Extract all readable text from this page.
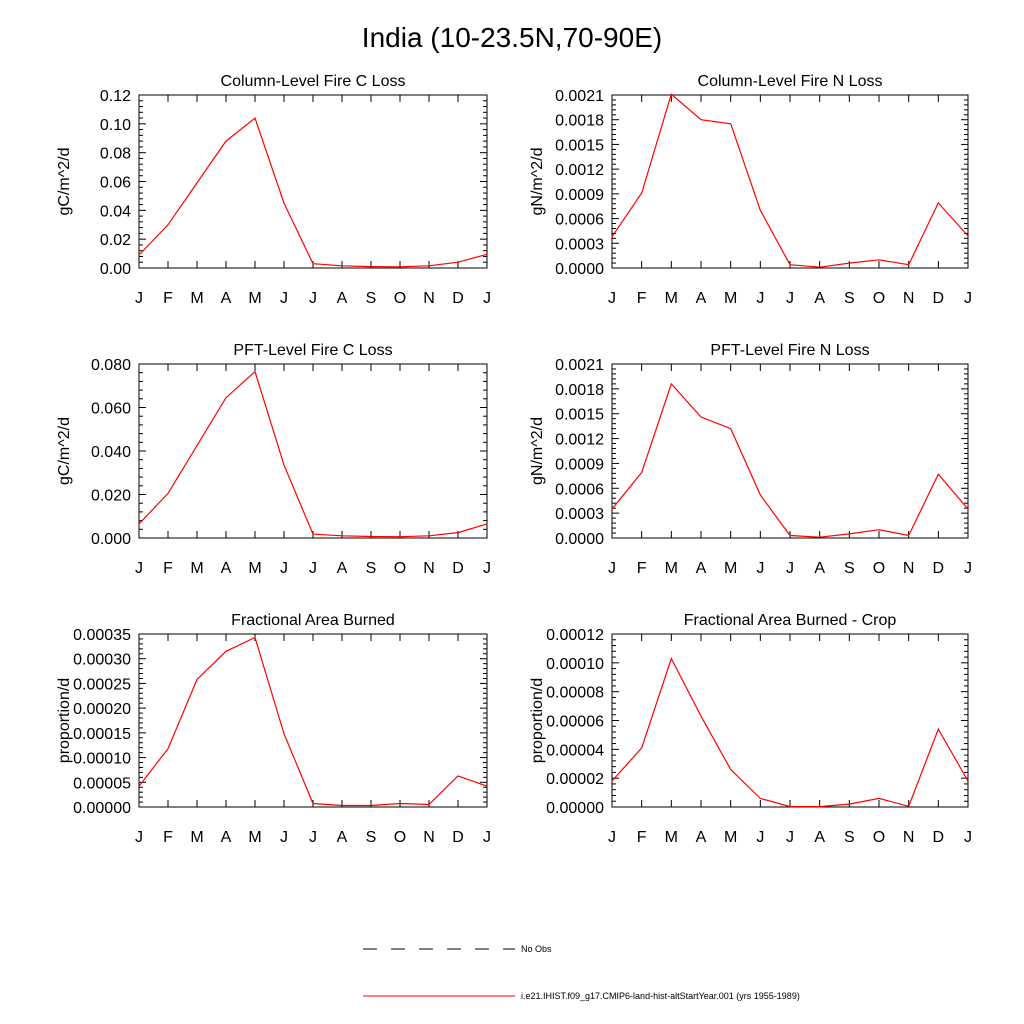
India (10-23.5N,70-90E)
Column-Level Fire C Loss
gC/m^2/d
J F M A M J J A S O N D J
0.00
0.02
0.04
0.06
0.08
0.10
0.12
Column-Level Fire N Loss
gN/m^2/d
J F M A M J J A S O N D J
0.0000
0.0003
0.0006
0.0009
0.0012
0.0015
0.0018
0.0021
PFT-Level Fire C Loss
gC/m^2/d
J F M A M J J A S O N D J
0.000
0.020
0.040
0.060
0.080
PFT-Level Fire N Loss
gN/m^2/d
J F M A M J J A S O N D J
0.0000
0.0003
0.0006
0.0009
0.0012
0.0015
0.0018
0.0021
Fractional Area Burned
proportion/d
J F M A M J J A S O N D J
0.00000
0.00005
0.00010
0.00015
0.00020
0.00025
0.00030
0.00035
Fractional Area Burned - Crop
proportion/d
J F M A M J J A S O N D J
0.00000
0.00002
0.00004
0.00006
0.00008
0.00010
0.00012
No Obs
i.e21.IHIST.f09_g17.CMIP6-land-hist-altStartYear.001 (yrs 1955-1989)
